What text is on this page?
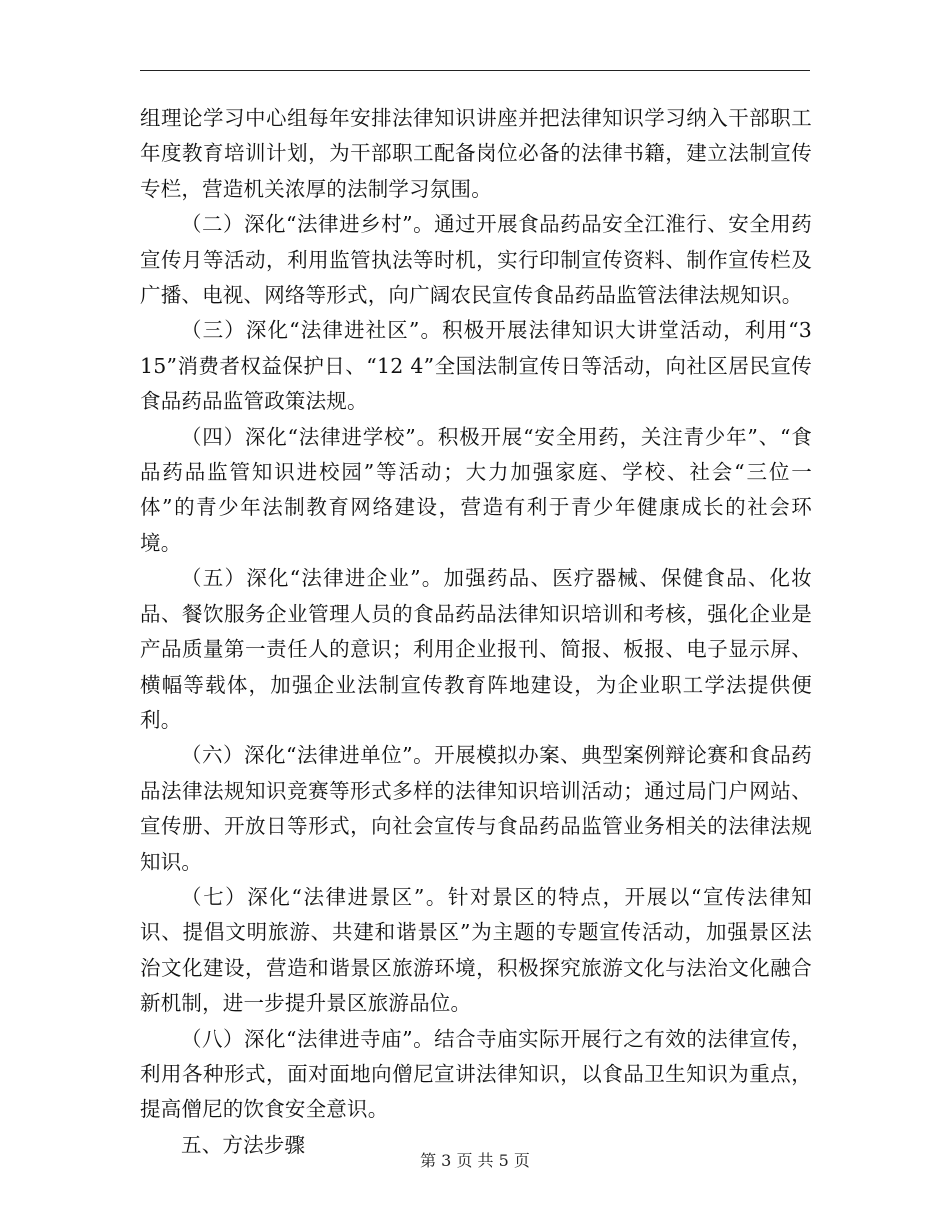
组理论学习中心组每年安排法律知识讲座并把法律知识学习纳入干部职工年度教育培训计划，为干部职工配备岗位必备的法律书籍，建立法制宣传专栏，营造机关浓厚的法制学习氛围。

（二）深化“法律进乡村”。通过开展食品药品安全江淮行、安全用药宣传月等活动，利用监管执法等时机，实行印制宣传资料、制作宣传栏及广播、电视、网络等形式，向广阔农民宣传食品药品监管法律法规知识。

（三）深化“法律进社区”。积极开展法律知识大讲堂活动，利用“3 15”消费者权益保护日、“12 4”全国法制宣传日等活动，向社区居民宣传食品药品监管政策法规。

（四）深化“法律进学校”。积极开展“安全用药，关注青少年”、“食品药品监管知识进校园”等活动；大力加强家庭、学校、社会“三位一体”的青少年法制教育网络建设，营造有利于青少年健康成长的社会环境。

（五）深化“法律进企业”。加强药品、医疗器械、保健食品、化妆品、餐饮服务企业管理人员的食品药品法律知识培训和考核，强化企业是产品质量第一责任人的意识；利用企业报刊、简报、板报、电子显示屏、横幅等载体，加强企业法制宣传教育阵地建设，为企业职工学法提供便利。

（六）深化“法律进单位”。开展模拟办案、典型案例辩论赛和食品药品法律法规知识竞赛等形式多样的法律知识培训活动；通过局门户网站、宣传册、开放日等形式，向社会宣传与食品药品监管业务相关的法律法规知识。

（七）深化“法律进景区”。针对景区的特点，开展以“宣传法律知识、提倡文明旅游、共建和谐景区”为主题的专题宣传活动，加强景区法治文化建设，营造和谐景区旅游环境，积极探究旅游文化与法治文化融合新机制，进一步提升景区旅游品位。

（八）深化“法律进寺庙”。结合寺庙实际开展行之有效的法律宣传，利用各种形式，面对面地向僧尼宣讲法律知识，以食品卫生知识为重点，提高僧尼的饮食安全意识。

五、方法步骤

第 3 页 共 5 页
